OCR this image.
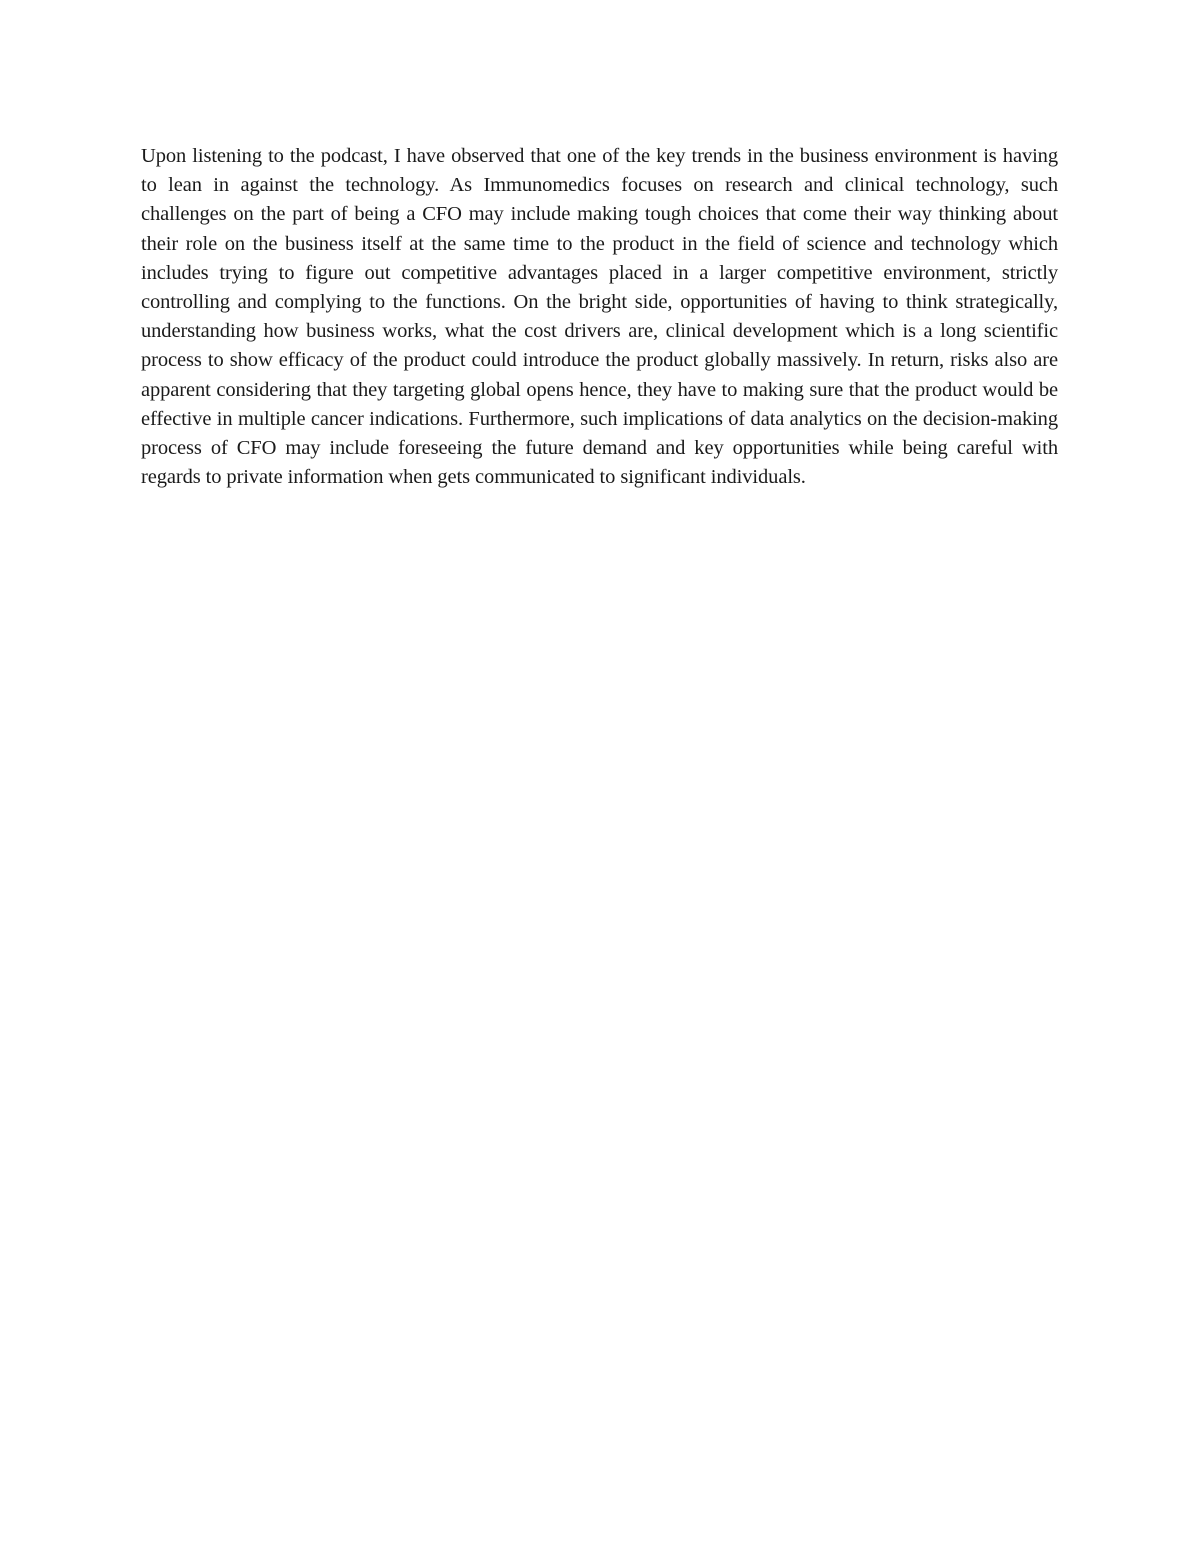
Upon listening to the podcast, I have observed that one of the key trends in the business environment is having to lean in against the technology. As Immunomedics focuses on research and clinical technology, such challenges on the part of being a CFO may include making tough choices that come their way thinking about their role on the business itself at the same time to the product in the field of science and technology which includes trying to figure out competitive advantages placed in a larger competitive environment, strictly controlling and complying to the functions. On the bright side, opportunities of having to think strategically, understanding how business works, what the cost drivers are, clinical development which is a long scientific process to show efficacy of the product could introduce the product globally massively. In return, risks also are apparent considering that they targeting global opens hence, they have to making sure that the product would be effective in multiple cancer indications. Furthermore, such implications of data analytics on the decision-making process of CFO may include foreseeing the future demand and key opportunities while being careful with regards to private information when gets communicated to significant individuals.
